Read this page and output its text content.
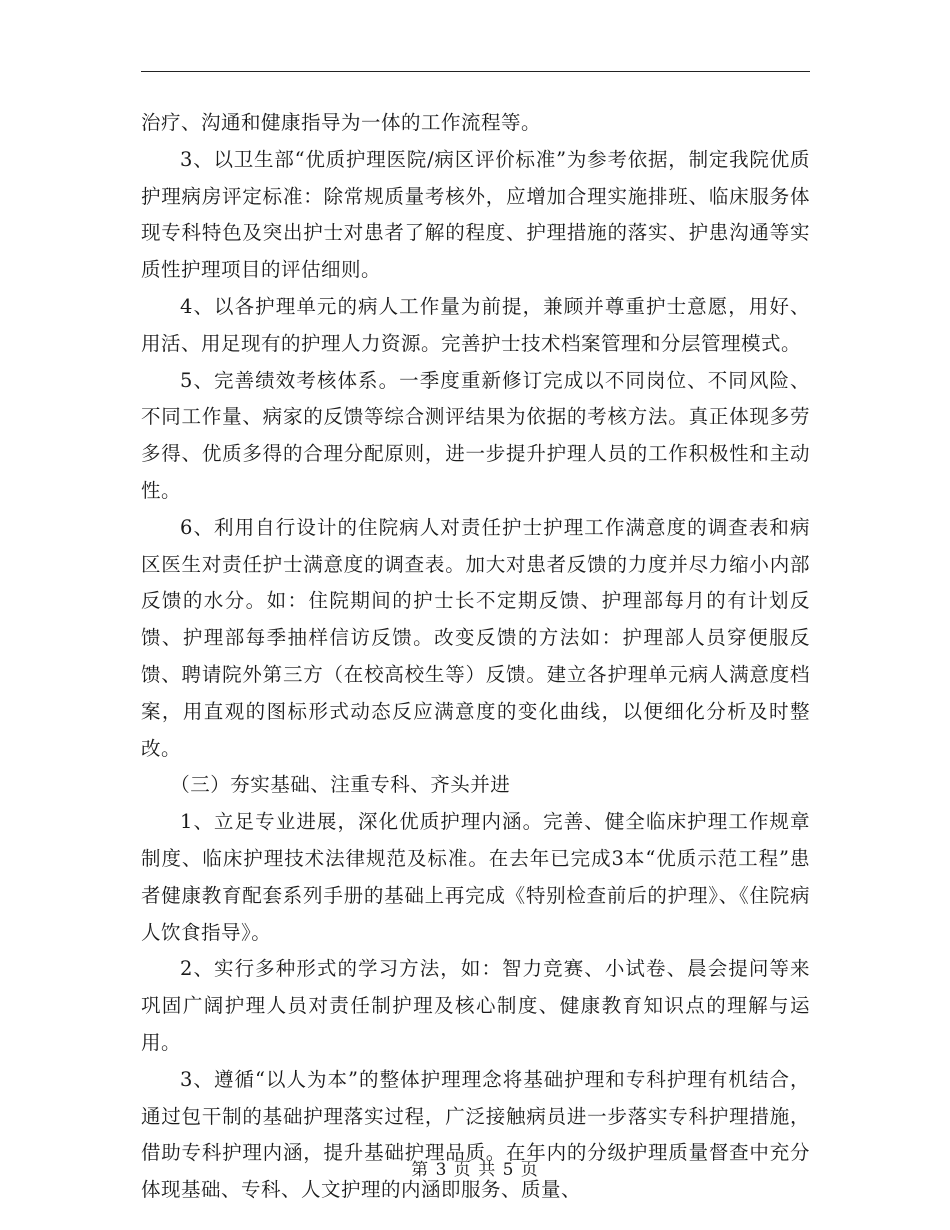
治疗、沟通和健康指导为一体的工作流程等。

3、以卫生部“优质护理医院/病区评价标准”为参考依据，制定我院优质护理病房评定标准：除常规质量考核外，应增加合理实施排班、临床服务体现专科特色及突出护士对患者了解的程度、护理措施的落实、护患沟通等实质性护理项目的评估细则。

4、以各护理单元的病人工作量为前提，兼顾并尊重护士意愿，用好、用活、用足现有的护理人力资源。完善护士技术档案管理和分层管理模式。

5、完善绩效考核体系。一季度重新修订完成以不同岗位、不同风险、不同工作量、病家的反馈等综合测评结果为依据的考核方法。真正体现多劳多得、优质多得的合理分配原则，进一步提升护理人员的工作积极性和主动性。

6、利用自行设计的住院病人对责任护士护理工作满意度的调查表和病区医生对责任护士满意度的调查表。加大对患者反馈的力度并尽力缩小内部反馈的水分。如：住院期间的护士长不定期反馈、护理部每月的有计划反馈、护理部每季抽样信访反馈。改变反馈的方法如：护理部人员穿便服反馈、聘请院外第三方（在校高校生等）反馈。建立各护理单元病人满意度档案，用直观的图标形式动态反应满意度的变化曲线，以便细化分析及时整改。

（三）夯实基础、注重专科、齐头并进

1、立足专业进展，深化优质护理内涵。完善、健全临床护理工作规章制度、临床护理技术法律规范及标准。在去年已完成3本“优质示范工程”患者健康教育配套系列手册的基础上再完成《特别检查前后的护理》、《住院病人饮食指导》。

2、实行多种形式的学习方法，如：智力竞赛、小试卷、晨会提问等来巩固广阔护理人员对责任制护理及核心制度、健康教育知识点的理解与运用。

3、遵循“以人为本”的整体护理理念将基础护理和专科护理有机结合，通过包干制的基础护理落实过程，广泛接触病员进一步落实专科护理措施，借助专科护理内涵，提升基础护理品质。在年内的分级护理质量督查中充分体现基础、专科、人文护理的内涵即服务、质量、

第 3 页 共 5 页
